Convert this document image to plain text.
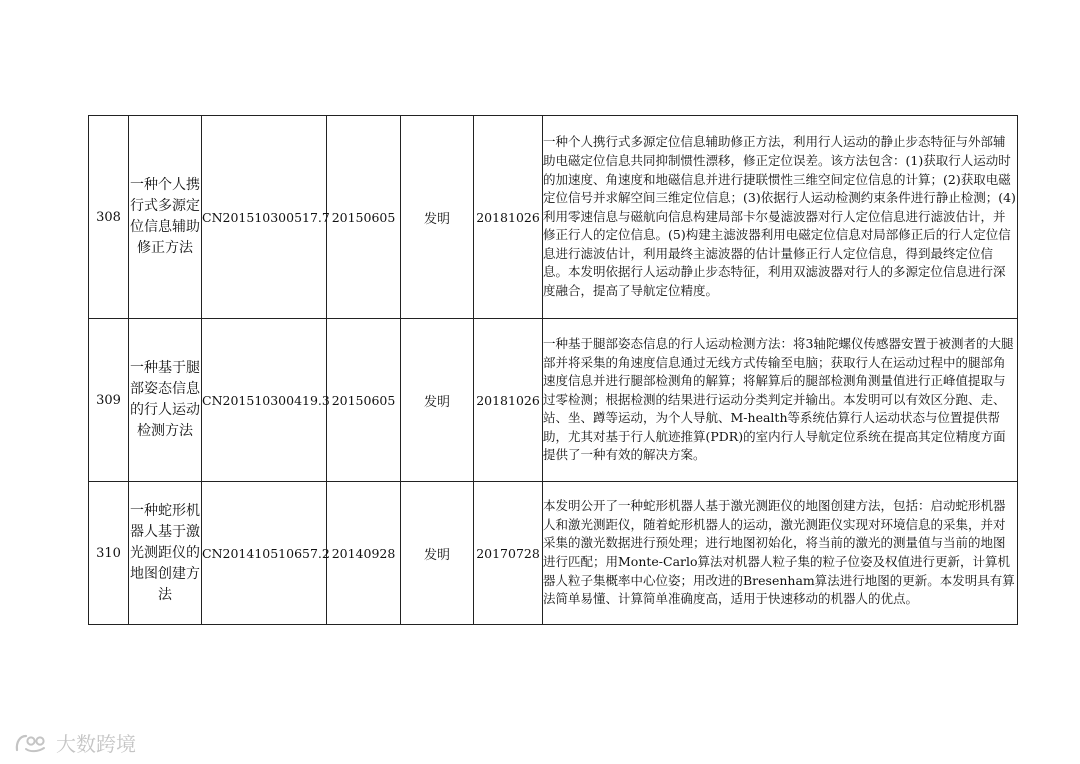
308	一种个人携行式多源定位信息辅助修正方法	CN201510300517.7	20150605	发明	20181026	一种个人携行式多源定位信息辅助修正方法，利用行人运动的静止步态特征与外部辅助电磁定位信息共同抑制惯性漂移，修正定位误差。该方法包含：(1)获取行人运动时的加速度、角速度和地磁信息并进行捷联惯性三维空间定位信息的计算；(2)获取电磁定位信号并求解空间三维定位信息；(3)依据行人运动检测约束条件进行静止检测；(4)利用零速信息与磁航向信息构建局部卡尔曼滤波器对行人定位信息进行滤波估计，并修正行人的定位信息。(5)构建主滤波器利用电磁定位信息对局部修正后的行人定位信息进行滤波估计，利用最终主滤波器的估计量修正行人定位信息，得到最终定位信息。本发明依据行人运动静止步态特征，利用双滤波器对行人的多源定位信息进行深度融合，提高了导航定位精度。
309	一种基于腿部姿态信息的行人运动检测方法	CN201510300419.3	20150605	发明	20181026	一种基于腿部姿态信息的行人运动检测方法：将3轴陀螺仪传感器安置于被测者的大腿部并将采集的角速度信息通过无线方式传输至电脑；获取行人在运动过程中的腿部角速度信息并进行腿部检测角的解算；将解算后的腿部检测角测量值进行正峰值提取与过零检测；根据检测的结果进行运动分类判定并输出。本发明可以有效区分跑、走、站、坐、蹲等运动，为个人导航、M-health等系统估算行人运动状态与位置提供帮助，尤其对基于行人航迹推算(PDR)的室内行人导航定位系统在提高其定位精度方面提供了一种有效的解决方案。
310	一种蛇形机器人基于激光测距仪的地图创建方法	CN201410510657.2	20140928	发明	20170728	本发明公开了一种蛇形机器人基于激光测距仪的地图创建方法，包括：启动蛇形机器人和激光测距仪，随着蛇形机器人的运动，激光测距仪实现对环境信息的采集，并对采集的激光数据进行预处理；进行地图初始化，将当前的激光的测量值与当前的地图进行匹配；用Monte-Carlo算法对机器人粒子集的粒子位姿及权值进行更新，计算机器人粒子集概率中心位姿；用改进的Bresenham算法进行地图的更新。本发明具有算法简单易懂、计算简单准确度高，适用于快速移动的机器人的优点。
大数跨境
